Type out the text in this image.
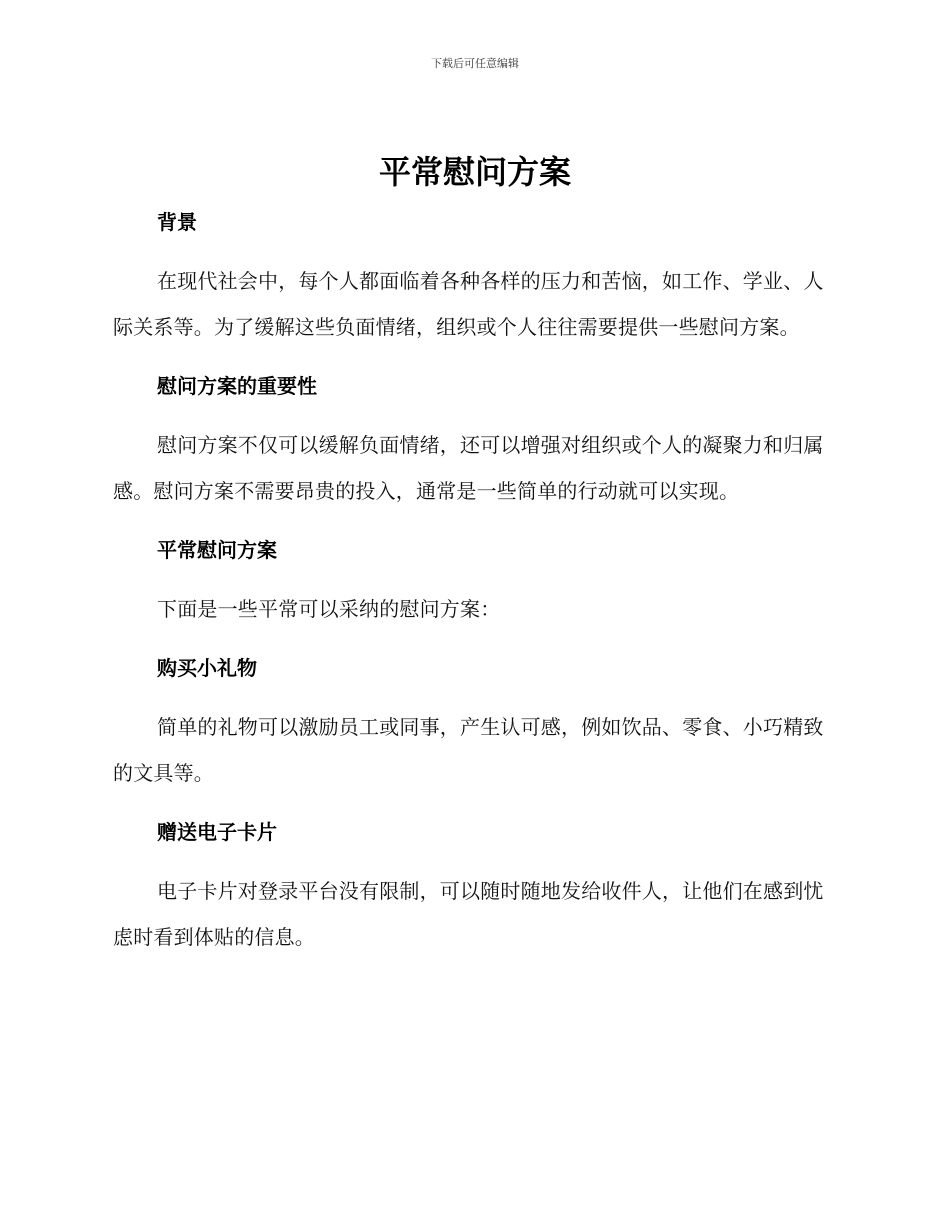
下载后可任意编辑
平常慰问方案
背景

在现代社会中，每个人都面临着各种各样的压力和苦恼，如工作、学业、人际关系等。为了缓解这些负面情绪，组织或个人往往需要提供一些慰问方案。

慰问方案的重要性

慰问方案不仅可以缓解负面情绪，还可以增强对组织或个人的凝聚力和归属感。慰问方案不需要昂贵的投入，通常是一些简单的行动就可以实现。

平常慰问方案

下面是一些平常可以采纳的慰问方案：

购买小礼物

简单的礼物可以激励员工或同事，产生认可感，例如饮品、零食、小巧精致的文具等。

赠送电子卡片

电子卡片对登录平台没有限制，可以随时随地发给收件人，让他们在感到忧虑时看到体贴的信息。
